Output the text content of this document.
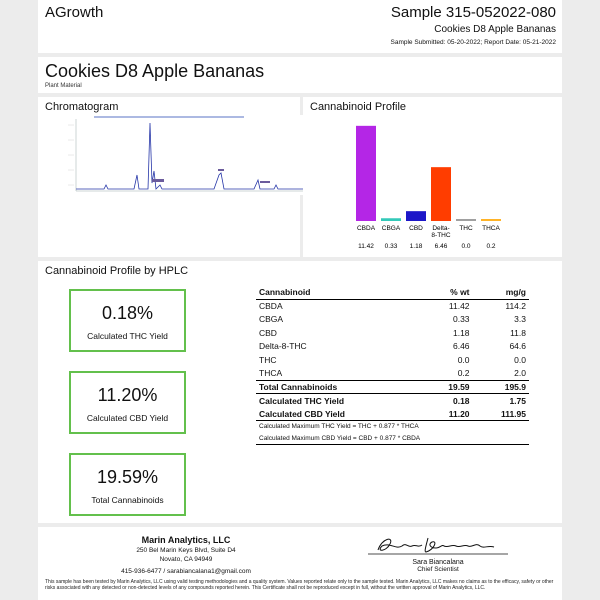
AGrowth	Sample 315-052022-080
Cookies D8 Apple Bananas
Sample Submitted: 05-20-2022; Report Date: 05-21-2022
Cookies D8 Apple Bananas
Plant Material
Chromatogram	Cannabinoid Profile
CBDA
11.42
CBGA
0.33
CBD
1.18
Delta-
8-THC
6.46
THC
0.0
THCA
0.2
Cannabinoid Profile by HPLC
0.18%
Calculated THC Yield
11.20%
Calculated CBD Yield
19.59%
Total Cannabinoids
Cannabinoid	% wt	mg/g
CBDA	11.42	114.2
CBGA	0.33	3.3
CBD	1.18	11.8
Delta-8-THC	6.46	64.6
THC	0.0	0.0
THCA	0.2	2.0
Total Cannabinoids	19.59	195.9
Calculated THC Yield	0.18	1.75
Calculated CBD Yield	11.20	111.95
Calculated Maximum THC Yield = THC + 0.877 * THCA		
Calculated Maximum CBD Yield = CBD + 0.877 * CBDA		
Marin Analytics, LLC
250 Bel Marin Keys Blvd, Suite D4
Novato, CA 94949
415-936-6477 / sarabiancalana1@gmail.com
Sara Biancalana
Chief Scientist
This sample has been tested by Marin Analytics, LLC using valid testing methodologies and a quality system. Values reported relate only to the sample tested. Marin Analytics, LLC makes no claims as to the efficacy, safety or other risks associated with any detected or non-detected levels of any compounds reported herein. This Certificate shall not be reproduced except in full, without the written approval of Marin Analytics, LLC.
